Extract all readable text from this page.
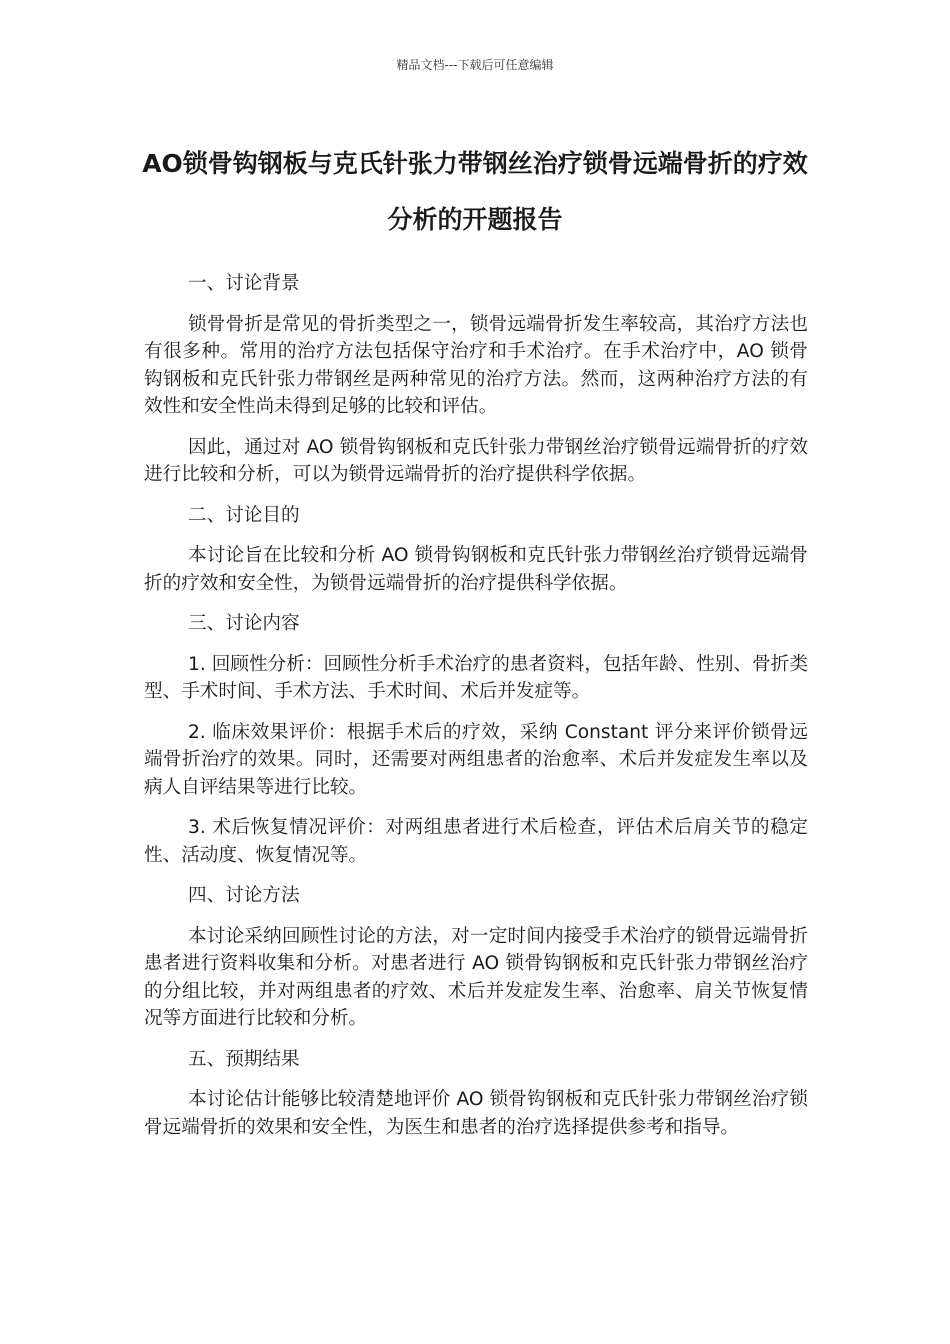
精品文档---下载后可任意编辑
AO锁骨钩钢板与克氏针张力带钢丝治疗锁骨远端骨折的疗效分析的开题报告

一、讨论背景

锁骨骨折是常见的骨折类型之一，锁骨远端骨折发生率较高，其治疗方法也有很多种。常用的治疗方法包括保守治疗和手术治疗。在手术治疗中，AO 锁骨钩钢板和克氏针张力带钢丝是两种常见的治疗方法。然而，这两种治疗方法的有效性和安全性尚未得到足够的比较和评估。

因此，通过对 AO 锁骨钩钢板和克氏针张力带钢丝治疗锁骨远端骨折的疗效进行比较和分析，可以为锁骨远端骨折的治疗提供科学依据。

二、讨论目的

本讨论旨在比较和分析 AO 锁骨钩钢板和克氏针张力带钢丝治疗锁骨远端骨折的疗效和安全性，为锁骨远端骨折的治疗提供科学依据。

三、讨论内容

1. 回顾性分析：回顾性分析手术治疗的患者资料，包括年龄、性别、骨折类型、手术时间、手术方法、手术时间、术后并发症等。

2. 临床效果评价：根据手术后的疗效，采纳 Constant 评分来评价锁骨远端骨折治疗的效果。同时，还需要对两组患者的治愈率、术后并发症发生率以及病人自评结果等进行比较。

3. 术后恢复情况评价：对两组患者进行术后检查，评估术后肩关节的稳定性、活动度、恢复情况等。

四、讨论方法

本讨论采纳回顾性讨论的方法，对一定时间内接受手术治疗的锁骨远端骨折患者进行资料收集和分析。对患者进行 AO 锁骨钩钢板和克氏针张力带钢丝治疗的分组比较，并对两组患者的疗效、术后并发症发生率、治愈率、肩关节恢复情况等方面进行比较和分析。

五、预期结果

本讨论估计能够比较清楚地评价 AO 锁骨钩钢板和克氏针张力带钢丝治疗锁骨远端骨折的效果和安全性，为医生和患者的治疗选择提供参考和指导。
